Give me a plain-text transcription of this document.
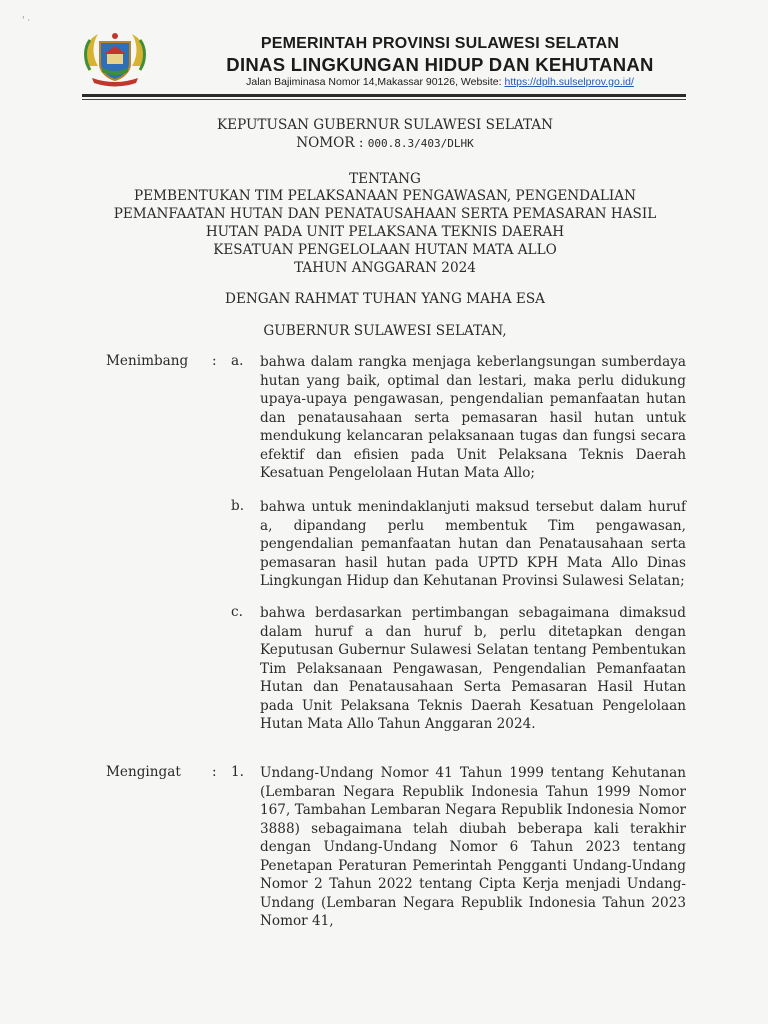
' ·
PEMERINTAH PROVINSI SULAWESI SELATAN
DINAS LINGKUNGAN HIDUP DAN KEHUTANAN
Jalan Bajiminasa Nomor 14,Makassar 90126, Website: https://dplh.sulselprov.go.id/
KEPUTUSAN GUBERNUR SULAWESI SELATAN
NOMOR : 000.8.3/403/DLHK
TENTANG
PEMBENTUKAN TIM PELAKSANAAN PENGAWASAN, PENGENDALIAN
PEMANFAATAN HUTAN DAN PENATAUSAHAAN SERTA PEMASARAN HASIL
HUTAN PADA UNIT PELAKSANA TEKNIS DAERAH
KESATUAN PENGELOLAAN HUTAN MATA ALLO
TAHUN ANGGARAN 2024
DENGAN RAHMAT TUHAN YANG MAHA ESA
GUBERNUR SULAWESI SELATAN,
Menimbang : a. bahwa dalam rangka menjaga keberlangsungan sumberdaya hutan yang baik, optimal dan lestari, maka perlu didukung upaya-upaya pengawasan, pengendalian pemanfaatan hutan dan penatausahaan serta pemasaran hasil hutan untuk mendukung kelancaran pelaksanaan tugas dan fungsi secara efektif dan efisien pada Unit Pelaksana Teknis Daerah Kesatuan Pengelolaan Hutan Mata Allo;

b. bahwa untuk menindaklanjuti maksud tersebut dalam huruf a, dipandang perlu membentuk Tim pengawasan, pengendalian pemanfaatan hutan dan Penatausahaan serta pemasaran hasil hutan pada UPTD KPH Mata Allo Dinas Lingkungan Hidup dan Kehutanan Provinsi Sulawesi Selatan;

c. bahwa berdasarkan pertimbangan sebagaimana dimaksud dalam huruf a dan huruf b, perlu ditetapkan dengan Keputusan Gubernur Sulawesi Selatan tentang Pembentukan Tim Pelaksanaan Pengawasan, Pengendalian Pemanfaatan Hutan dan Penatausahaan Serta Pemasaran Hasil Hutan pada Unit Pelaksana Teknis Daerah Kesatuan Pengelolaan Hutan Mata Allo Tahun Anggaran 2024.

Mengingat : 1. Undang-Undang Nomor 41 Tahun 1999 tentang Kehutanan (Lembaran Negara Republik Indonesia Tahun 1999 Nomor 167, Tambahan Lembaran Negara Republik Indonesia Nomor 3888) sebagaimana telah diubah beberapa kali terakhir dengan Undang-Undang Nomor 6 Tahun 2023 tentang Penetapan Peraturan Pemerintah Pengganti Undang-Undang Nomor 2 Tahun 2022 tentang Cipta Kerja menjadi Undang-Undang (Lembaran Negara Republik Indonesia Tahun 2023 Nomor 41,
